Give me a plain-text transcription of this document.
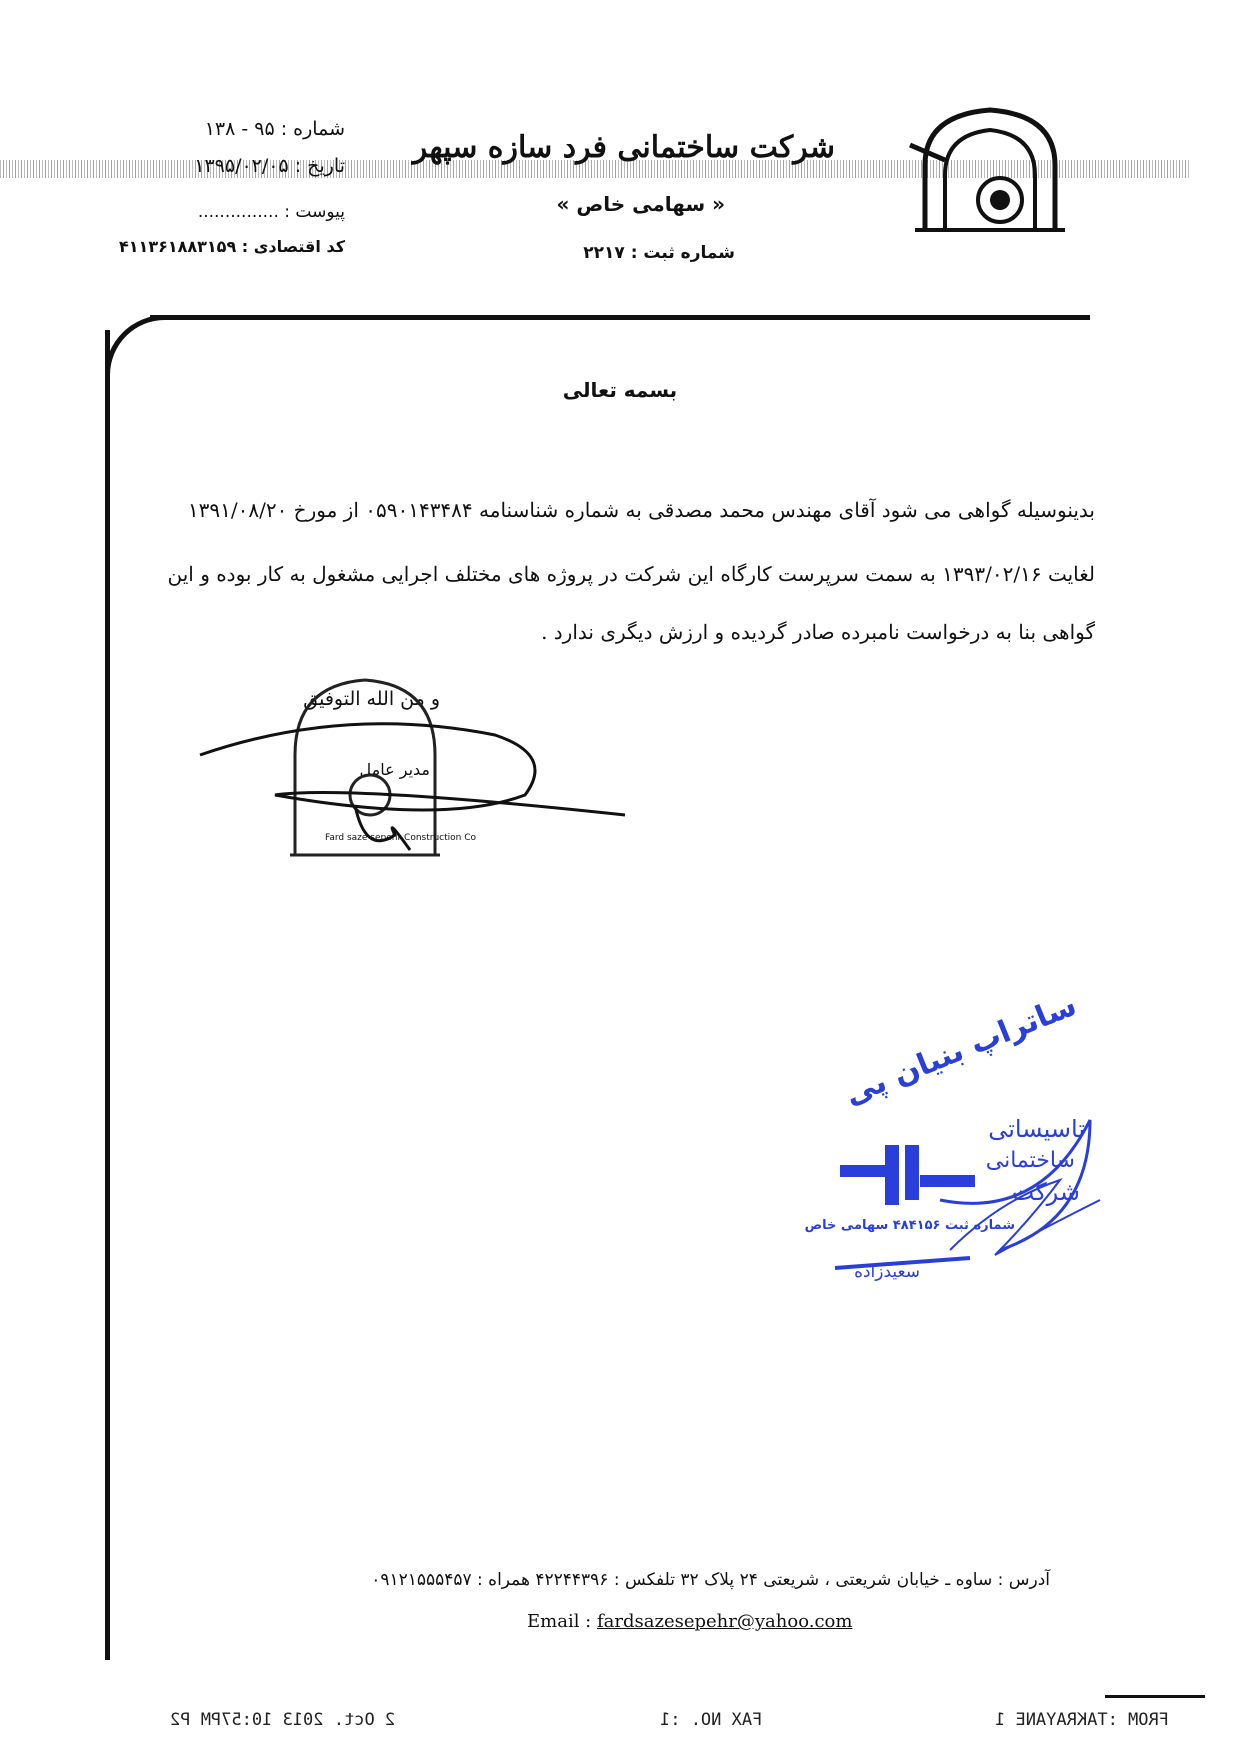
شرکت ساختمانی فرد سازه سپهر
« سهامی خاص »
شماره ثبت : ۲۲۱۷
شماره : ۹۵ - ۱۳۸
تاریخ : ۱۳۹۵/۰۲/۰۵
پیوست : ...............
کد اقتصادی : ۴۱۱۳۶۱۸۸۳۱۵۹
بسمه تعالی
بدینوسیله گواهی می شود آقای مهندس محمد مصدقی به شماره شناسنامه ۰۵۹۰۱۴۳۴۸۴ از مورخ ۱۳۹۱/۰۸/۲۰
لغایت ۱۳۹۳/۰۲/۱۶ به سمت سرپرست کارگاه این شرکت در پروژه های مختلف اجرایی مشغول به کار بوده و این
گواهی بنا به درخواست نامبرده صادر گردیده و ارزش دیگری ندارد .
و من الله التوفیق
مدیر عامل
Fard saze sepehr Construction Co
ساتراپ بنیان پی
تاسیساتی
ساختمانی
شرکت
شماره ثبت ۴۸۴۱۵۶ سهامی خاص
سعیدزاده
آدرس : ساوه ـ خیابان شریعتی ، شریعتی ۲۴ پلاک ۳۲ تلفکس : ۴۲۲۴۴۳۹۶ همراه : ۰۹۱۲۱۵۵۵۴۵۷
Email : fardsazesepehr@yahoo.com
2 Oct. 2013 10:57PM P2	FAX NO. :1	FROM :TAKRAYANE 1
